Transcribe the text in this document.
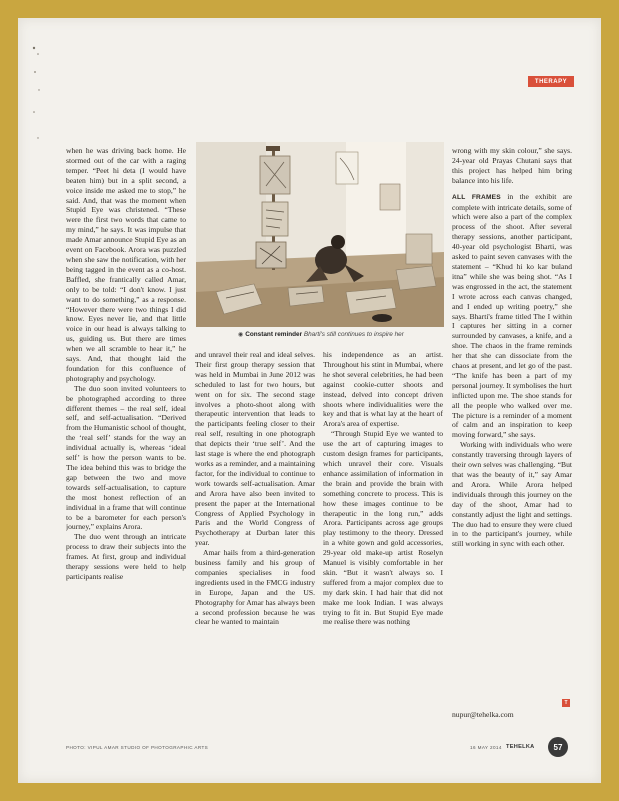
THERAPY

when he was driving back home. He stormed out of the car with a raging temper. “Peet hi deta (I would have beaten him) but in a split second, a voice inside me asked me to stop,” he said. And, that was the moment when Stupid Eye was christened. “These were the first two words that came to my mind,” he says. It was impulse that made Amar announce Stupid Eye as an event on Facebook. Arora was puzzled when she saw the notification, with her being tagged in the event as a co-host. Baffled, she frantically called Amar, only to be told: “I don't know. I just want to do something,” as a response. “However there were two things I did know. Eyes never lie, and that little voice in our head is always talking to us, guiding us. But there are times when we all scramble to hear it,” he says. And, that thought laid the foundation for this confluence of photography and psychology.

The duo soon invited volunteers to be photographed according to three different themes – the real self, ideal self, and self-actualisation. “Derived from the Humanistic school of thought, the ‘real self’ stands for the way an individual actually is, whereas ‘ideal self’ is how the person wants to be. The idea behind this was to bridge the gap between the two and move towards self-actualisation, to capture the most honest reflection of an individual in a frame that will continue to be a barometer for each person's journey,” explains Arora.

The duo went through an intricate process to draw their subjects into the frames. At first, group and individual therapy sessions were held to help participants realise

◉ Constant reminder Bharti's still continues to inspire her

and unravel their real and ideal selves. Their first group therapy session that was held in Mumbai in June 2012 was scheduled to last for two hours, but went on for six. The second stage involves a photo-shoot along with therapeutic intervention that leads to the participants feeling closer to their real self, resulting in one photograph that depicts their ‘true self’. And the last stage is where the end photograph works as a reminder, and a maintaining factor, for the individual to continue to work towards self-actualisation. Amar and Arora have also been invited to present the paper at the International Congress of Applied Psychology in Paris and the World Congress of Psychotherapy at Durban later this year.

Amar hails from a third-generation business family and his group of companies specialises in food ingredients used in the FMCG industry in Europe, Japan and the US. Photography for Amar has always been a second profession because he was clear he wanted to maintain

his independence as an artist. Throughout his stint in Mumbai, where he shot several celebrities, he had been against cookie-cutter shoots and instead, delved into concept driven shoots where individualities were the key and that is what lay at the heart of Arora's area of expertise.

“Through Stupid Eye we wanted to use the art of capturing images to custom design frames for participants, which unravel their core. Visuals enhance assimilation of information in the brain and provide the brain with something concrete to process. This is how these images continue to be therapeutic in the long run,” adds Arora. Participants across age groups play testimony to the theory. Dressed in a white gown and gold accessories, 29-year old make-up artist Roselyn Manuel is visibly comfortable in her skin. “But it wasn't always so. I suffered from a major complex due to my dark skin. I had hair that did not make me look Indian. I was always trying to fit in. But Stupid Eye made me realise there was nothing

wrong with my skin colour,” she says. 24-year old Prayas Chutani says that this project has helped him bring balance into his life.

ALL FRAMES in the exhibit are complete with intricate details, some of which were also a part of the complex process of the shoot. After several therapy sessions, another participant, 40-year old psychologist Bharti, was asked to paint seven canvases with the statement – “Khud hi ko kar buland itna” while she was being shot. “As I was engrossed in the act, the statement I wrote across each canvas changed, and I ended up writing poetry,” she says. Bharti's frame titled The I within I captures her sitting in a corner surrounded by canvases, a knife, and a shoe. The chaos in the frame reminds her that she can dissociate from the chaos at present, and let go of the past. “The knife has been a part of my personal journey. It symbolises the hurt inflicted upon me. The shoe stands for all the people who walked over me. The picture is a reminder of a moment of calm and an inspiration to keep moving forward,” she says.

Working with individuals who were constantly traversing through layers of their own selves was challenging. “But that was the beauty of it,” say Amar and Arora. While Arora helped individuals through this journey on the day of the shoot, Amar had to constantly adjust the light and settings. The duo had to ensure they were clued in to the participant's journey, while still working in sync with each other.

T
nupur@tehelka.com
PHOTO: VIPUL AMAR STUDIO OF PHOTOGRAPHIC ARTS	16 MAY 2014 TEHELKA	57
